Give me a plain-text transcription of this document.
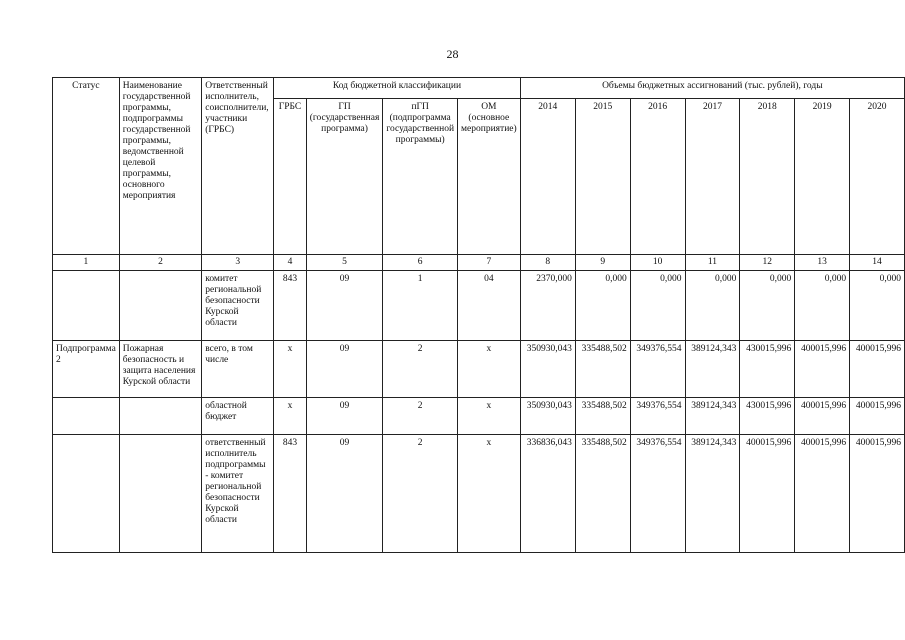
28
Статус	Наименование государственной программы, подпрограммы государственной программы, ведомственной целевой программы, основного мероприятия	Ответственный исполнитель, соисполнители, участники (ГРБС)	Код бюджетной классификации				Объемы бюджетных ассигнований (тыс. рублей), годы						
			ГРБС	ГП (государственная программа)	пГП (подпрограмма государственной программы)	ОМ (основное мероприятие)	2014	2015	2016	2017	2018	2019	2020
1	2	3	4	5	6	7	8	9	10	11	12	13	14
		комитет региональной безопасности Курской области	843	09	1	04	2370,000	0,000	0,000	0,000	0,000	0,000	0,000
Подпрограмма 2	Пожарная безопасность и защита населения Курской области	всего, в том числе	х	09	2	х	350930,043	335488,502	349376,554	389124,343	430015,996	400015,996	400015,996
		областной бюджет	х	09	2	х	350930,043	335488,502	349376,554	389124,343	430015,996	400015,996	400015,996
		ответственный исполнитель подпрограммы - комитет региональной безопасности Курской области	843	09	2	х	336836,043	335488,502	349376,554	389124,343	400015,996	400015,996	400015,996
